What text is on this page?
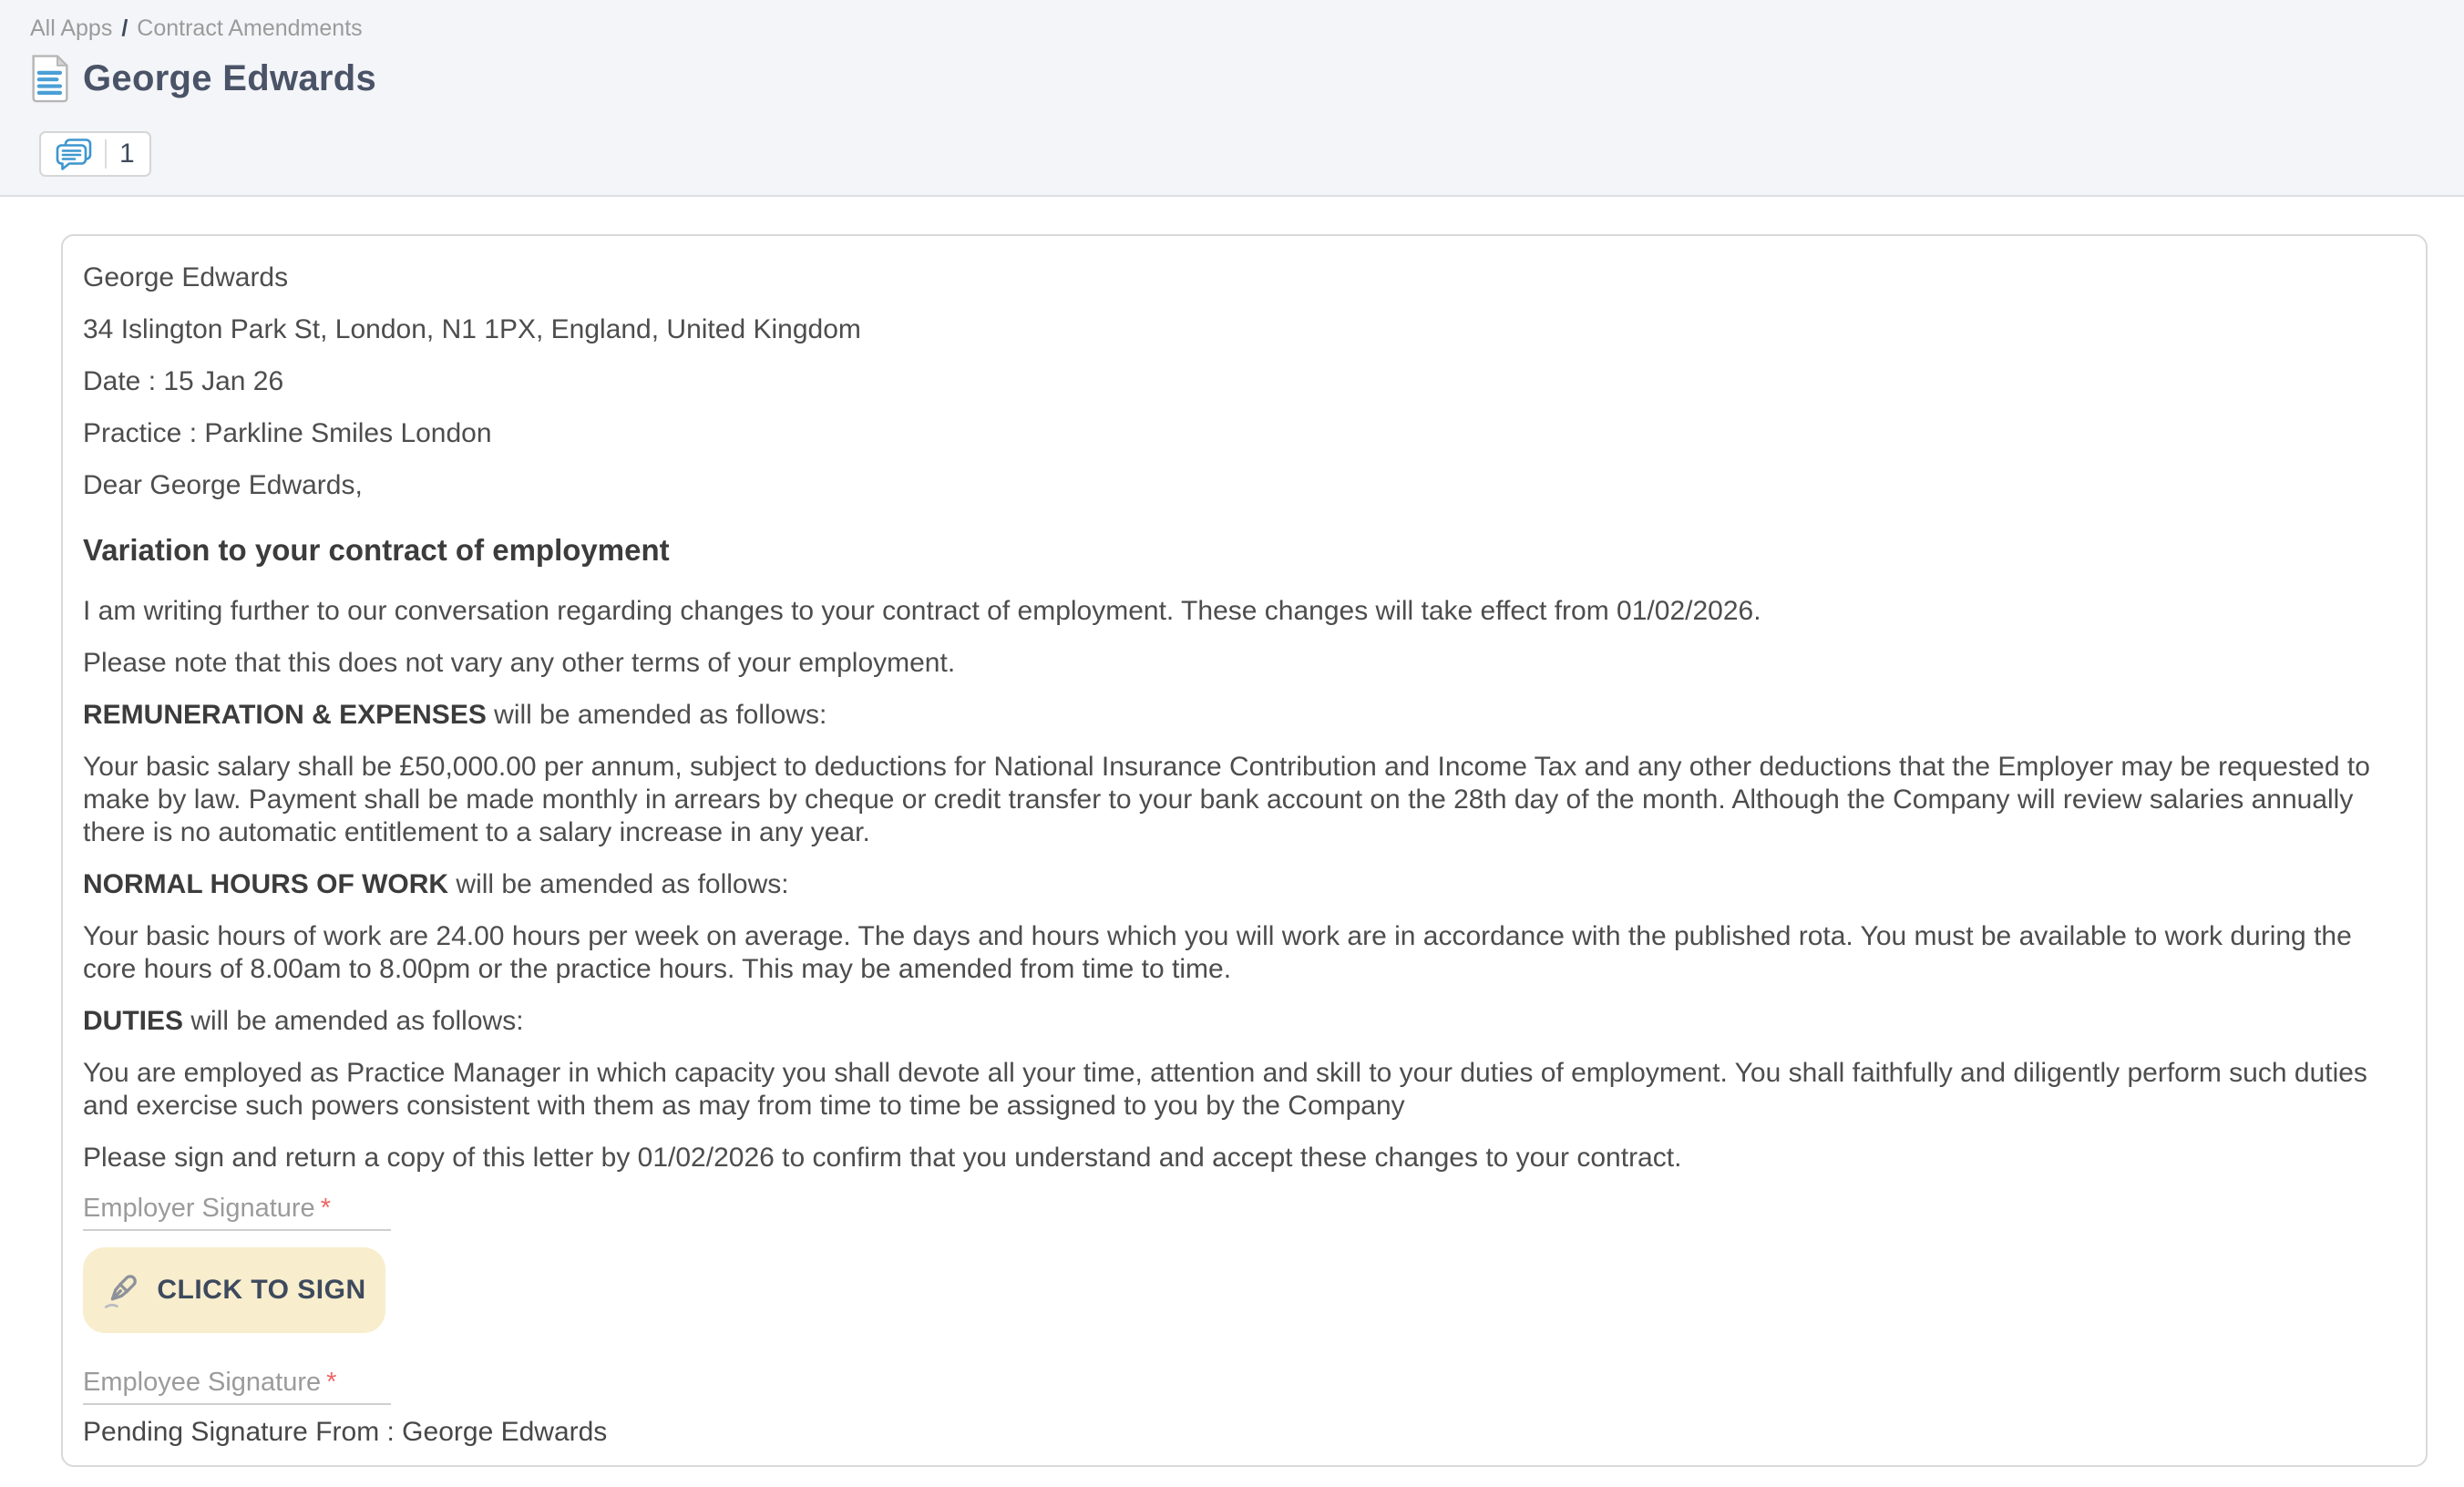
All Apps / Contract Amendments
George Edwards
1

George Edwards

34 Islington Park St, London, N1 1PX, England, United Kingdom

Date : 15 Jan 26

Practice : Parkline Smiles London

Dear George Edwards,

Variation to your contract of employment

I am writing further to our conversation regarding changes to your contract of employment. These changes will take effect from 01/02/2026.

Please note that this does not vary any other terms of your employment.

REMUNERATION & EXPENSES will be amended as follows:

Your basic salary shall be £50,000.00 per annum, subject to deductions for National Insurance Contribution and Income Tax and any other deductions that the Employer may be requested to make by law. Payment shall be made monthly in arrears by cheque or credit transfer to your bank account on the 28th day of the month. Although the Company will review salaries annually there is no automatic entitlement to a salary increase in any year.

NORMAL HOURS OF WORK will be amended as follows:

Your basic hours of work are 24.00 hours per week on average. The days and hours which you will work are in accordance with the published rota. You must be available to work during the core hours of 8.00am to 8.00pm or the practice hours. This may be amended from time to time.

DUTIES will be amended as follows:

You are employed as Practice Manager in which capacity you shall devote all your time, attention and skill to your duties of employment. You shall faithfully and diligently perform such duties and exercise such powers consistent with them as may from time to time be assigned to you by the Company

Please sign and return a copy of this letter by 01/02/2026 to confirm that you understand and accept these changes to your contract.

Employer Signature *
CLICK TO SIGN
Employee Signature *

Pending Signature From : George Edwards
